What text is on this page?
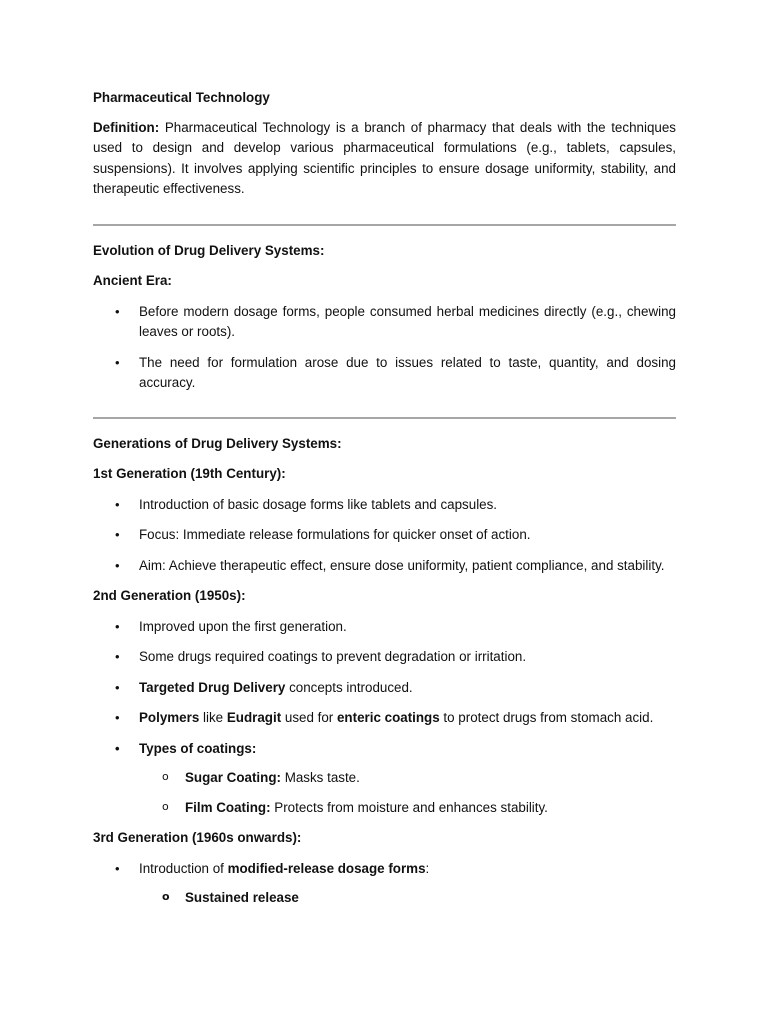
Pharmaceutical Technology

Definition: Pharmaceutical Technology is a branch of pharmacy that deals with the techniques used to design and develop various pharmaceutical formulations (e.g., tablets, capsules, suspensions). It involves applying scientific principles to ensure dosage uniformity, stability, and therapeutic effectiveness.

Evolution of Drug Delivery Systems:
Ancient Era:
• Before modern dosage forms, people consumed herbal medicines directly (e.g., chewing leaves or roots).
• The need for formulation arose due to issues related to taste, quantity, and dosing accuracy.
Generations of Drug Delivery Systems:
1st Generation (19th Century):
• Introduction of basic dosage forms like tablets and capsules.
• Focus: Immediate release formulations for quicker onset of action.
• Aim: Achieve therapeutic effect, ensure dose uniformity, patient compliance, and stability.
2nd Generation (1950s):
• Improved upon the first generation.
• Some drugs required coatings to prevent degradation or irritation.
• Targeted Drug Delivery concepts introduced.
• Polymers like Eudragit used for enteric coatings to protect drugs from stomach acid.
• Types of coatings:
o Sugar Coating: Masks taste.
o Film Coating: Protects from moisture and enhances stability.
3rd Generation (1960s onwards):
• Introduction of modified-release dosage forms:
o Sustained release
